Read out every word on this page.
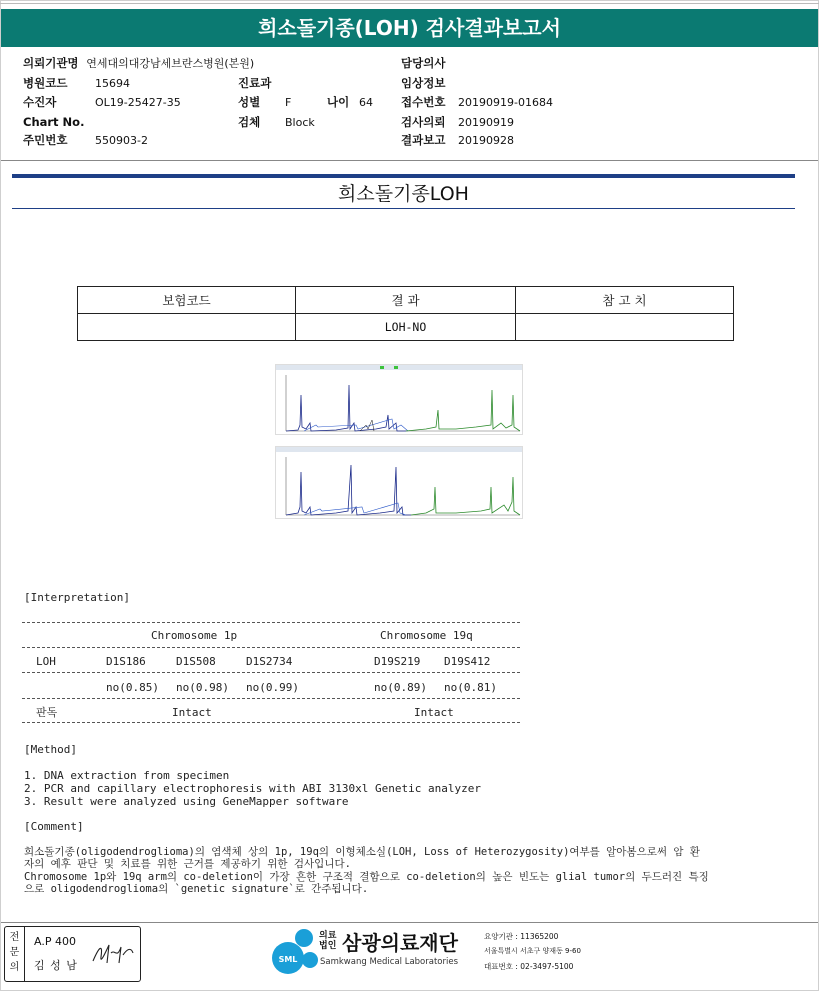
희소돌기종(LOH) 검사결과보고서
의뢰기관명 연세대의대강남세브란스병원(본원)
병원코드	15694
수진자	OL19-25427-35
Chart No.
주민번호	550903-2
진료과
성별 F	나이 64
검체 Block
담당의사
임상정보
접수번호 20190919-01684
검사의뢰 20190919
결과보고 20190928
희소돌기종LOH
보험코드	결 과	참 고 치
	LOH-NO	
[Interpretation]
Chromosome 1p	Chromosome 19q
LOH	D1S186	D1S508	D1S2734	D19S219 D19S412
no(0.85) no(0.98) no(0.99)	no(0.89) no(0.81)
판독	Intact	Intact
[Method]
1. DNA extraction from specimen
2. PCR and capillary electrophoresis with ABI 3130xl Genetic analyzer
3. Result were analyzed using GeneMapper software
[Comment]
희소돌기종(oligodendroglioma)의 염색체 상의 1p, 19q의 이형체소실(LOH, Loss of Heterozygosity)여부를 알아봄으로써 암 환
자의 예후 판단 및 치료를 위한 근거를 제공하기 위한 검사입니다.
Chromosome 1p와 19q arm의 co-deletion이 가장 흔한 구조적 결함으로 co-deletion의 높은 빈도는 glial tumor의 두드러진 특징
으로 oligodendroglioma의 `genetic signature`로 간주됩니다.
전
문
의
A.P 400
김 성 남	SML
의료
법인 삼광의료재단
Samkwang Medical Laboratories
요양기관 : 11365200
서울특별시 서초구 양재동 9-60
대표번호 : 02-3497-5100
